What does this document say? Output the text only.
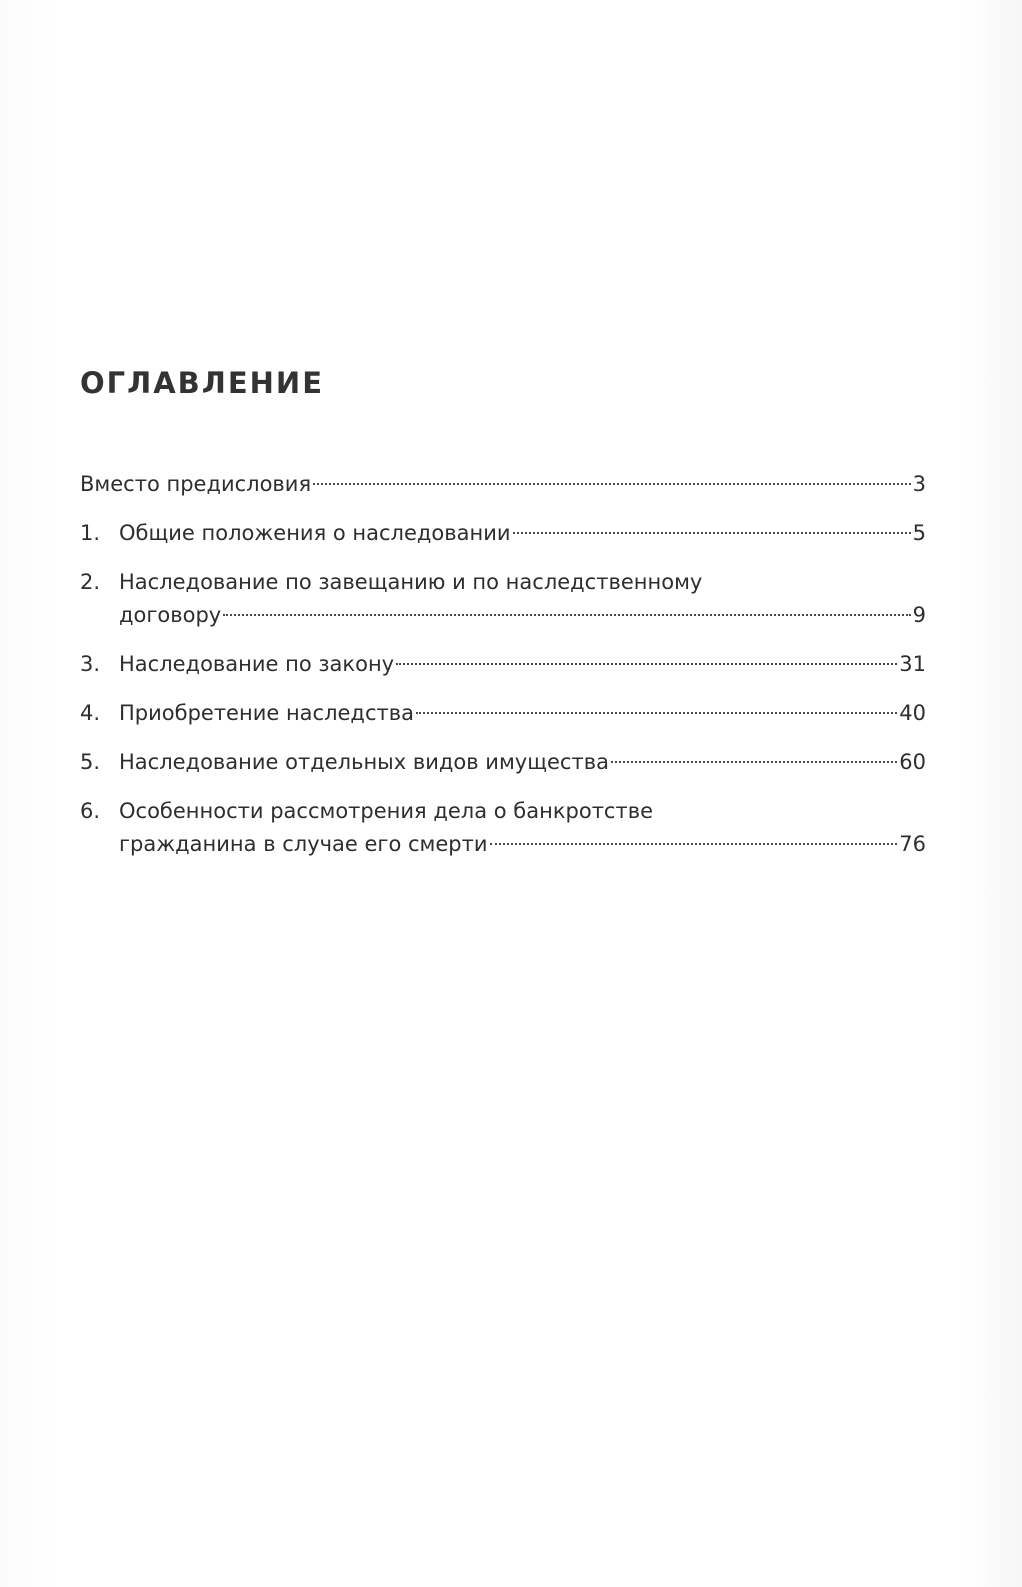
ОГЛАВЛЕНИЕ
Вместо предисловия	3
1. Общие положения о наследовании	5
2. Наследование по завещанию и по наследственному
договору	9
3. Наследование по закону	31
4. Приобретение наследства	40
5. Наследование отдельных видов имущества	60
6. Особенности рассмотрения дела о банкротстве
гражданина в случае его смерти	76
